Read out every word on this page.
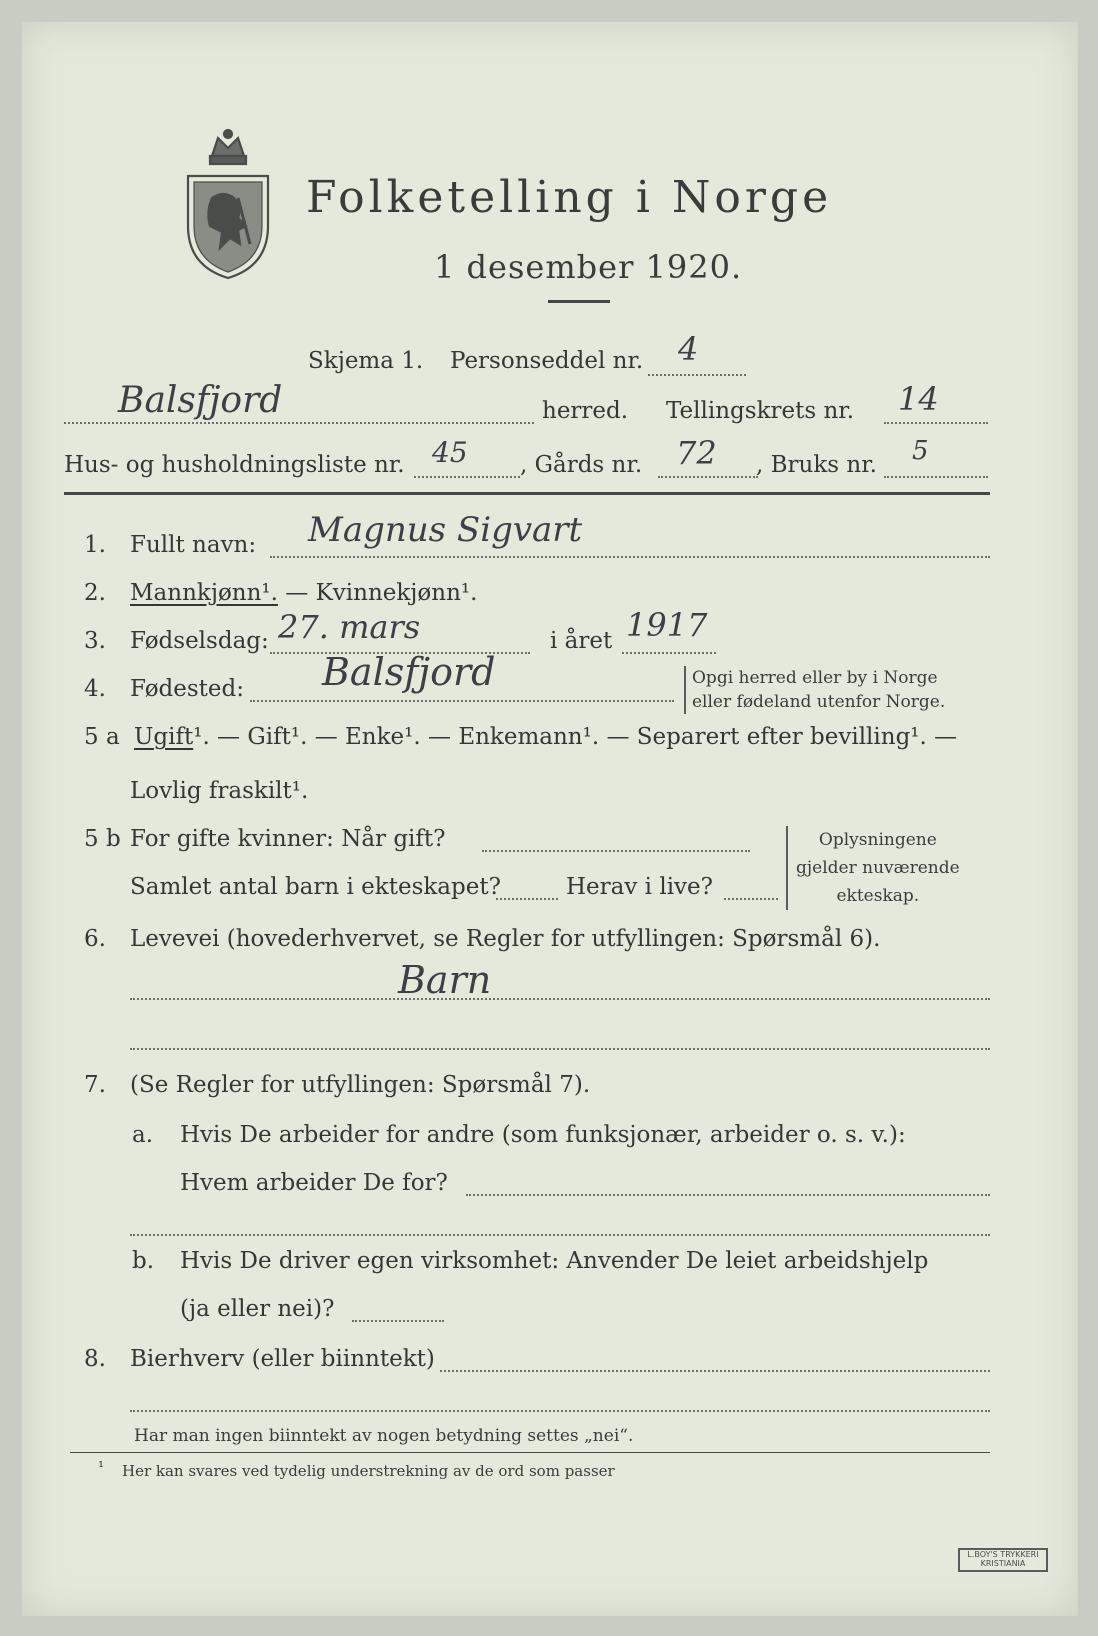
Folketelling i Norge
1 desember 1920.
Skjema 1. Personseddel nr. 4
Balsfjord	herred. Tellingskrets nr. 14
Hus- og husholdningsliste nr. 45 , Gårds nr. 72 , Bruks nr. 5
1. Fullt navn: Magnus Sigvart
2. Mannkjønn¹. — Kvinnekjønn¹.
3. Fødselsdag: 27. mars	i året 1917
4. Fødested: Balsfjord	Opgi herred eller by i Norge
eller fødeland utenfor Norge.
5 a Ugift¹. — Gift¹. — Enke¹. — Enkemann¹. — Separert efter bevilling¹. —
Lovlig fraskilt¹.
5 b For gifte kvinner: Når gift?
Samlet antal barn i ekteskapet?	Herav i live?
Oplysningene
gjelder nuværende
ekteskap.
6. Levevei (hovederhvervet, se Regler for utfyllingen: Spørsmål 6).
Barn
7. (Se Regler for utfyllingen: Spørsmål 7).
a. Hvis De arbeider for andre (som funksjonær, arbeider o. s. v.):
Hvem arbeider De for?
b. Hvis De driver egen virksomhet: Anvender De leiet arbeidshjelp
(ja eller nei)?
8. Bierhverv (eller biinntekt)
Har man ingen biinntekt av nogen betydning settes „nei“.
¹ Her kan svares ved tydelig understrekning av de ord som passer
L.BOY'S TRYKKERI
KRISTIANIA
